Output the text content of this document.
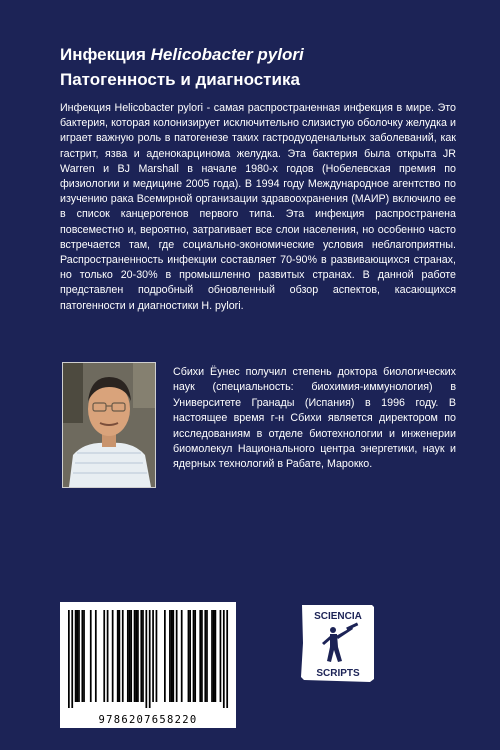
Инфекция Helicobacter pylori
Патогенность и диагностика

Инфекция Helicobacter pylori - самая распространенная инфекция в мире. Это бактерия, которая колонизирует исключительно слизистую оболочку желудка и играет важную роль в патогенезе таких гастродуоденальных заболеваний, как гастрит, язва и аденокарцинома желудка. Эта бактерия была открыта JR Warren и BJ Marshall в начале 1980-х годов (Нобелевская премия по физиологии и медицине 2005 года). В 1994 году Международное агентство по изучению рака Всемирной организации здравоохранения (МАИР) включило ее в список канцерогенов первого типа. Эта инфекция распространена повсеместно и, вероятно, затрагивает все слои населения, но особенно часто встречается там, где социально-экономические условия неблагоприятны. Распространенность инфекции составляет 70-90% в развивающихся странах, но только 20-30% в промышленно развитых странах. В данной работе представлен подробный обновленный обзор аспектов, касающихся патогенности и диагностики H. pylori.

Сбихи Ёунес получил степень доктора биологических наук (специальность: биохимия-иммунология) в Университете Гранады (Испания) в 1996 году. В настоящее время г-н Сбихи является директором по исследованиям в отделе биотехнологии и инженерии биомолекул Национального центра энергетики, наук и ядерных технологий в Рабате, Марокко.

9786207658220
SCIENCIA
SCRIPTS
